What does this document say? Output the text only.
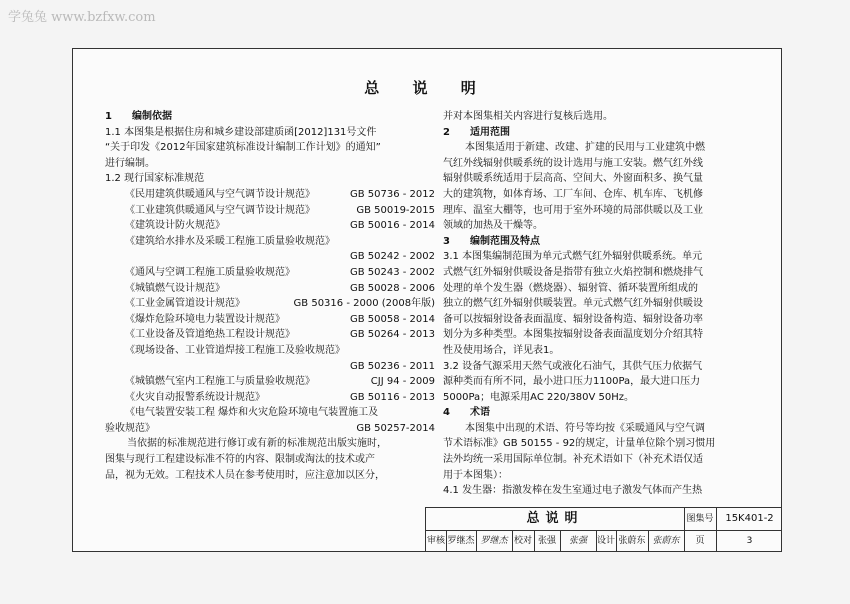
学兔兔 www.bzfxw.com
总 说 明
1　　编制依据
1.1 本图集是根据住房和城乡建设部建质函[2012]131号文件
“关于印发《2012年国家建筑标准设计编制工作计划》的通知”
进行编制。
1.2 现行国家标准规范
《民用建筑供暖通风与空气调节设计规范》	GB 50736 - 2012
《工业建筑供暖通风与空气调节设计规范》	GB 50019-2015
《建筑设计防火规范》	GB 50016 - 2014
《建筑给水排水及采暖工程施工质量验收规范》
GB 50242 - 2002
《通风与空调工程施工质量验收规范》	GB 50243 - 2002
《城镇燃气设计规范》	GB 50028 - 2006
《工业金属管道设计规范》	GB 50316 - 2000 (2008年版)
《爆炸危险环境电力装置设计规范》	GB 50058 - 2014
《工业设备及管道绝热工程设计规范》	GB 50264 - 2013
《现场设备、工业管道焊接工程施工及验收规范》
GB 50236 - 2011
《城镇燃气室内工程施工与质量验收规范》	CJJ 94 - 2009
《火灾自动报警系统设计规范》	GB 50116 - 2013
《电气装置安装工程 爆炸和火灾危险环境电气装置施工及
验收规范》	GB 50257-2014
当依据的标准规范进行修订或有新的标准规范出版实施时，
图集与现行工程建设标准不符的内容、限制或淘汰的技术或产
品，视为无效。工程技术人员在参考使用时，应注意加以区分，
并对本图集相关内容进行复核后选用。
2　　适用范围
本图集适用于新建、改建、扩建的民用与工业建筑中燃
气红外线辐射供暖系统的设计选用与施工安装。燃气红外线
辐射供暖系统适用于层高高、空间大、外窗面积多、换气量
大的建筑物，如体育场、工厂车间、仓库、机车库、飞机修
理库、温室大棚等，也可用于室外环境的局部供暖以及工业
领域的加热及干燥等。
3　　编制范围及特点
3.1 本图集编制范围为单元式燃气红外辐射供暖系统。单元
式燃气红外辐射供暖设备是指带有独立火焰控制和燃烧排气
处理的单个发生器（燃烧器）、辐射管、循环装置所组成的
独立的燃气红外辐射供暖装置。单元式燃气红外辐射供暖设
备可以按辐射设备表面温度、辐射设备构造、辐射设备功率
划分为多种类型。本图集按辐射设备表面温度划分介绍其特
性及使用场合，详见表1。
3.2 设备气源采用天然气或液化石油气，其供气压力依据气
源种类而有所不同，最小进口压力1100Pa，最大进口压力
5000Pa；电源采用AC 220/380V 50Hz。
4　　术语
本图集中出现的术语、符号等均按《采暖通风与空气调
节术语标准》GB 50155 - 92的规定，计量单位除个别习惯用
法外均统一采用国际单位制。补充术语如下（补充术语仅适
用于本图集）：
4.1 发生器：指激发棒在发生室通过电子激发气体而产生热
总说明	图集号	15K401-2
审核 罗继杰 罗继杰 校对 张强	张强	设计 张蔚东 张蔚东	页	3
